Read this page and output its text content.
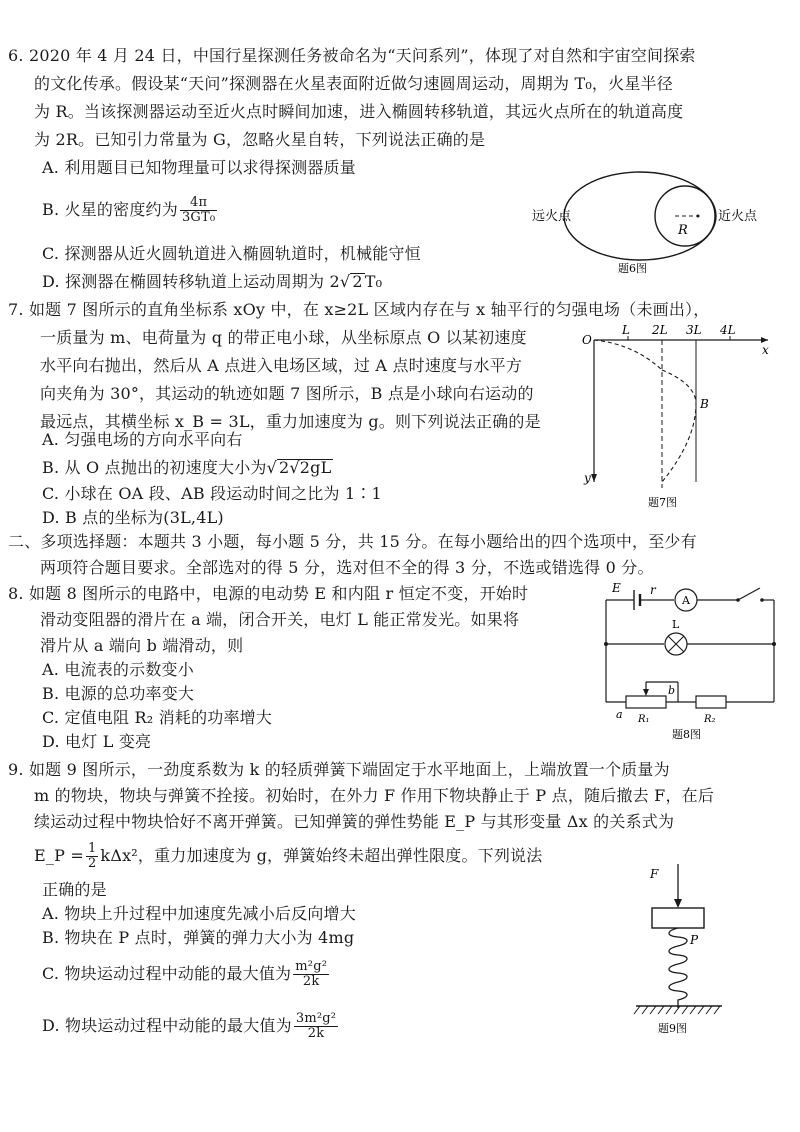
6. 2020 年 4 月 24 日，中国行星探测任务被命名为“天问系列”，体现了对自然和宇宙空间探索
的文化传承。假设某“天问”探测器在火星表面附近做匀速圆周运动，周期为 T₀，火星半径
为 R。当该探测器运动至近火点时瞬间加速，进入椭圆转移轨道，其远火点所在的轨道高度
为 2R。已知引力常量为 G，忽略火星自转，下列说法正确的是
A. 利用题目已知物理量可以求得探测器质量
B. 火星的密度约为 $\frac{4\pi}{\text{3GT₀}}$
C. 探测器从近火圆轨道进入椭圆轨道时，机械能守恒
D. 探测器在椭圆转移轨道上运动周期为 2√ 2 T₀
远火点	近火点
R
题6图
7. 如题 7 图所示的直角坐标系 xOy 中，在 x≥2L 区域内存在与 x 轴平行的匀强电场（未画出），
一质量为 m、电荷量为 q 的带正电小球，从坐标原点 O 以某初速度
水平向右抛出，然后从 A 点进入电场区域，过 A 点时速度与水平方
向夹角为 30°，其运动的轨迹如题 7 图所示，B 点是小球向右运动的
最远点，其横坐标 x_B = 3L，重力加速度为 g。则下列说法正确的是
A. 匀强电场的方向水平向右
B. 从 O 点抛出的初速度大小为√ 2√2gL
C. 小球在 OA 段、AB 段运动时间之比为 1∶1
D. B 点的坐标为(3L,4L)
O
L 2L 3L 4L
x
y
B
题7图
二、多项选择题：本题共 3 小题，每小题 5 分，共 15 分。在每小题给出的四个选项中，至少有
两项符合题目要求。全部选对的得 5 分，选对但不全的得 3 分，不选或错选得 0 分。
8. 如题 8 图所示的电路中，电源的电动势 E 和内阻 r 恒定不变，开始时
滑动变阻器的滑片在 a 端，闭合开关，电灯 L 能正常发光。如果将
滑片从 a 端向 b 端滑动，则
A. 电流表的示数变小
B. 电源的总功率变大
C. 定值电阻 R₂ 消耗的功率增大
D. 电灯 L 变亮
E r
A
L
a
b
R₁	R₂
题8图
9. 如题 9 图所示，一劲度系数为 k 的轻质弹簧下端固定于水平地面上，上端放置一个质量为
m 的物块，物块与弹簧不拴接。初始时，在外力 F 作用下物块静止于 P 点，随后撤去 F，在后
续运动过程中物块恰好不离开弹簧。已知弹簧的弹性势能 E_P 与其形变量 Δx 的关系式为
E_P = $\frac{1}{2} k\Delta x^2$，重力加速度为 g，弹簧始终未超出弹性限度。下列说法
正确的是
A. 物块上升过程中加速度先减小后反向增大
B. 物块在 P 点时，弹簧的弹力大小为 4mg
C. 物块运动过程中动能的最大值为 $\frac{\text{m²g²}}{2k}$
D. 物块运动过程中动能的最大值为 $\frac{\text{3m²g²}}{2k}$
F
P
题9图
